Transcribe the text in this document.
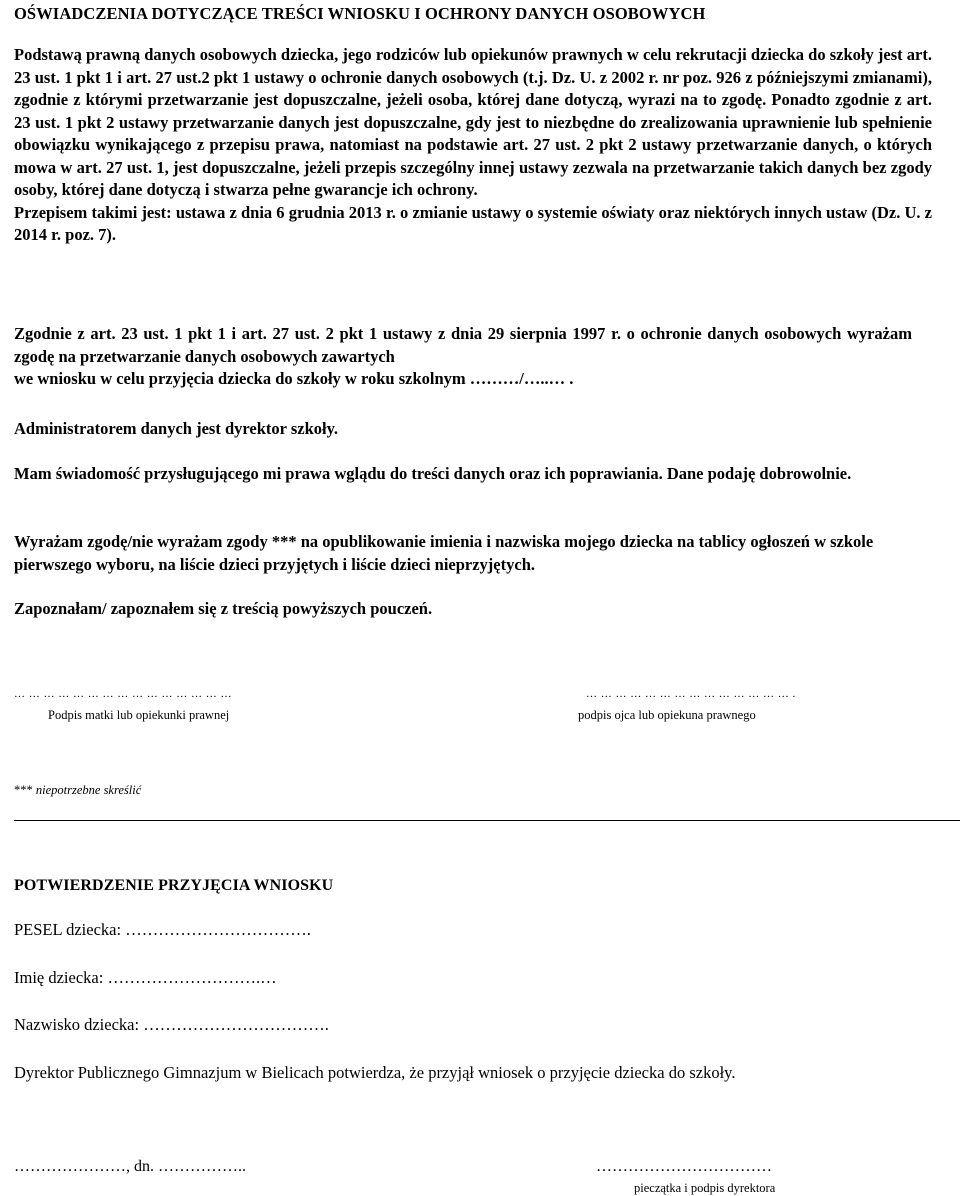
OŚWIADCZENIA DOTYCZĄCE TREŚCI WNIOSKU I OCHRONY DANYCH OSOBOWYCH

Podstawą prawną danych osobowych dziecka, jego rodziców lub opiekunów prawnych w celu rekrutacji dziecka do szkoły jest art. 23 ust. 1 pkt 1 i art. 27 ust.2 pkt 1 ustawy o ochronie danych osobowych (t.j. Dz. U. z 2002 r. nr poz. 926 z późniejszymi zmianami), zgodnie z którymi przetwarzanie jest dopuszczalne, jeżeli osoba, której dane dotyczą, wyrazi na to zgodę. Ponadto zgodnie z art. 23 ust. 1 pkt 2 ustawy przetwarzanie danych jest dopuszczalne, gdy jest to niezbędne do zrealizowania uprawnienie lub spełnienie obowiązku wynikającego z przepisu prawa, natomiast na podstawie art. 27 ust. 2 pkt 2 ustawy przetwarzanie danych, o których mowa w art. 27 ust. 1, jest dopuszczalne, jeżeli przepis szczególny innej ustawy zezwala na przetwarzanie takich danych bez zgody osoby, której dane dotyczą i stwarza pełne gwarancje ich ochrony.

Przepisem takimi jest: ustawa z dnia 6 grudnia 2013 r. o zmianie ustawy o systemie oświaty oraz niektórych innych ustaw (Dz. U. z 2014 r. poz. 7).

Zgodnie z art. 23 ust. 1 pkt 1 i art. 27 ust. 2 pkt 1 ustawy z dnia 29 sierpnia 1997 r. o ochronie danych osobowych wyrażam zgodę na przetwarzanie danych osobowych zawartych
we wniosku w celu przyjęcia dziecka do szkoły w roku szkolnym ………/…..… .
Administratorem danych jest dyrektor szkoły.
Mam świadomość przysługującego mi prawa wglądu do treści danych oraz ich poprawiania. Dane podaję dobrowolnie.
Wyrażam zgodę/nie wyrażam zgody *** na opublikowanie imienia i nazwiska mojego dziecka na tablicy ogłoszeń w szkole pierwszego wyboru, na liście dzieci przyjętych i liście dzieci nieprzyjętych.
Zapoznałam/ zapoznałem się z treścią powyższych pouczeń.
… … … … … … … … … … … … … … …
Podpis matki lub opiekunki prawnej
… … … … … … … … … … … … … … .
podpis ojca lub opiekuna prawnego
*** niepotrzebne skreślić
POTWIERDZENIE PRZYJĘCIA WNIOSKU
PESEL dziecka: …………………………….
Imię dziecka: ……………………….…
Nazwisko dziecka: …………………………….
Dyrektor Publicznego Gimnazjum w Bielicach potwierdza, że przyjął wniosek o przyjęcie dziecka do szkoły.
…………………, dn. ……………..	……………………………
pieczątka i podpis dyrektora
